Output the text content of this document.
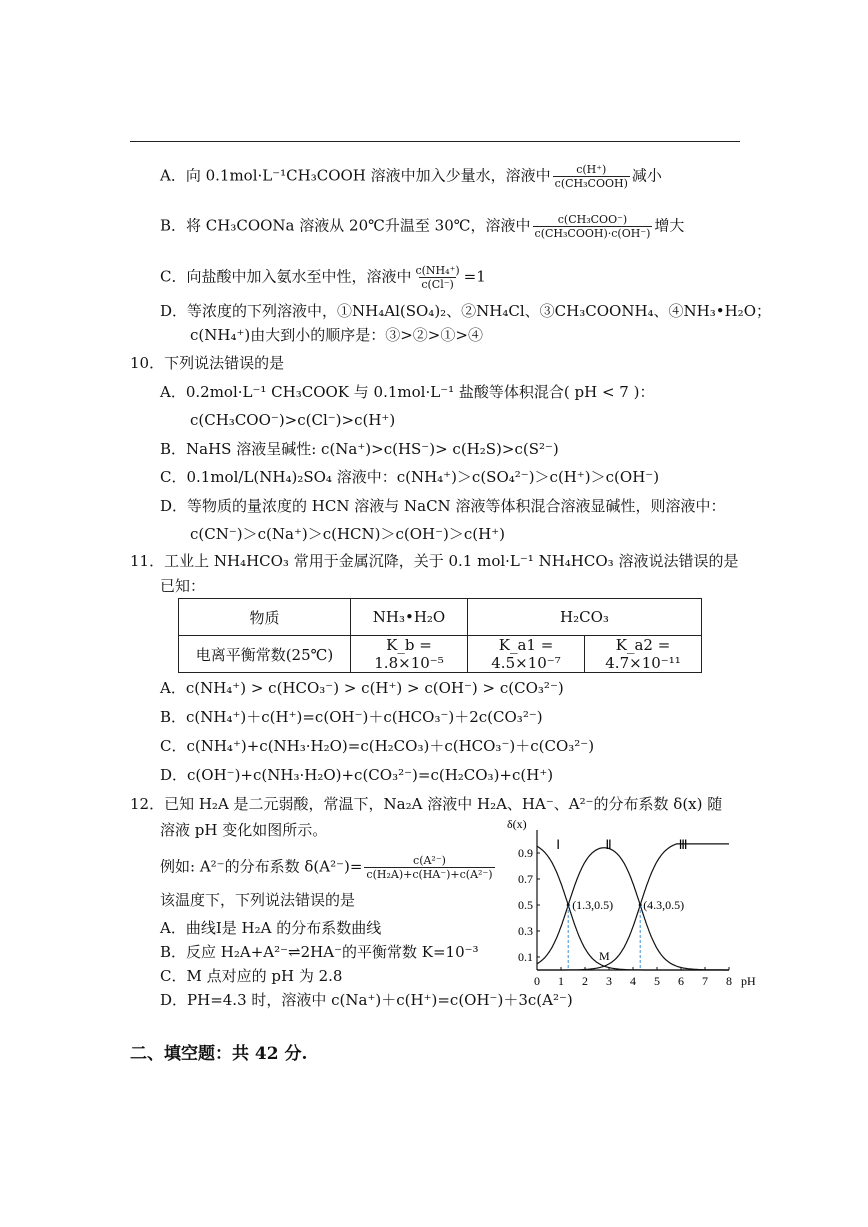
A．向 0.1mol·L⁻¹CH₃COOH 溶液中加入少量水，溶液中 $\frac{c(H^+)}{\text{c(CH₃COOH)}}$ 减小
B．将 CH₃COONa 溶液从 20℃升温至 30℃，溶液中 $\frac{\text{c(CH₃COO⁻)}}{\text{c(CH₃COOH)·c(OH⁻)}}$ 增大
C．向盐酸中加入氨水至中性，溶液中 $\frac{\text{c(NH₄⁺)}}{c(Cl^-)} =1$
D．等浓度的下列溶液中，①NH₄Al(SO₄)₂、②NH₄Cl、③CH₃COONH₄、④NH₃•H₂O；
c(NH₄⁺)由大到小的顺序是：③>②>①>④
10．下列说法错误的是
A．0.2mol·L⁻¹ CH₃COOK 与 0.1mol·L⁻¹ 盐酸等体积混合( pH < 7 )：
c(CH₃COO⁻)>c(Cl⁻)>c(H⁺)
B．NaHS 溶液呈碱性: c(Na⁺)>c(HS⁻)> c(H₂S)>c(S²⁻)
C．0.1mol/L(NH₄)₂SO₄ 溶液中：c(NH₄⁺)＞c(SO₄²⁻)＞c(H⁺)＞c(OH⁻)
D．等物质的量浓度的 HCN 溶液与 NaCN 溶液等体积混合溶液显碱性，则溶液中：
c(CN⁻)＞c(Na⁺)＞c(HCN)＞c(OH⁻)＞c(H⁺)
11．工业上 NH₄HCO₃ 常用于金属沉降，关于 0.1 mol·L⁻¹ NH₄HCO₃ 溶液说法错误的是
已知：
物质	NH₃•H₂O	H₂CO₃	
电离平衡常数(25℃)	K_b = 1.8×10⁻⁵	K_a1 = 4.5×10⁻⁷	K_a2 = 4.7×10⁻¹¹
A．c(NH₄⁺) > c(HCO₃⁻) > c(H⁺) > c(OH⁻) > c(CO₃²⁻)
B．c(NH₄⁺)＋c(H⁺)=c(OH⁻)＋c(HCO₃⁻)＋2c(CO₃²⁻)
C．c(NH₄⁺)+c(NH₃·H₂O)=c(H₂CO₃)＋c(HCO₃⁻)＋c(CO₃²⁻)
D．c(OH⁻)+c(NH₃·H₂O)+c(CO₃²⁻)=c(H₂CO₃)+c(H⁺)
12．已知 H₂A 是二元弱酸，常温下，Na₂A 溶液中 H₂A、HA⁻、A²⁻的分布系数 δ(x) 随
溶液 pH 变化如图所示。
例如: A²⁻的分布系数 $\delta(A^{2-})= \frac{\text{c(A²⁻)}}{\text{c(H₂A)+c(HA⁻)+c(A²⁻)}}$
该温度下，下列说法错误的是
A．曲线Ⅰ是 H₂A 的分布系数曲线
B．反应 H₂A+A²⁻⇌2HA⁻的平衡常数 K=10⁻³
C．M 点对应的 pH 为 2.8
D．PH=4.3 时，溶液中 c(Na⁺)＋c(H⁺)=c(OH⁻)＋3c(A²⁻)
0 1 2 3 4 5 6 7 8
0.1
0.3
0.5
0.7
0.9
pH
δ(x)
Ⅰ	Ⅱ	Ⅲ
(1.3,0.5)	(4.3,0.5)
M
二、填空题：共 42 分.
